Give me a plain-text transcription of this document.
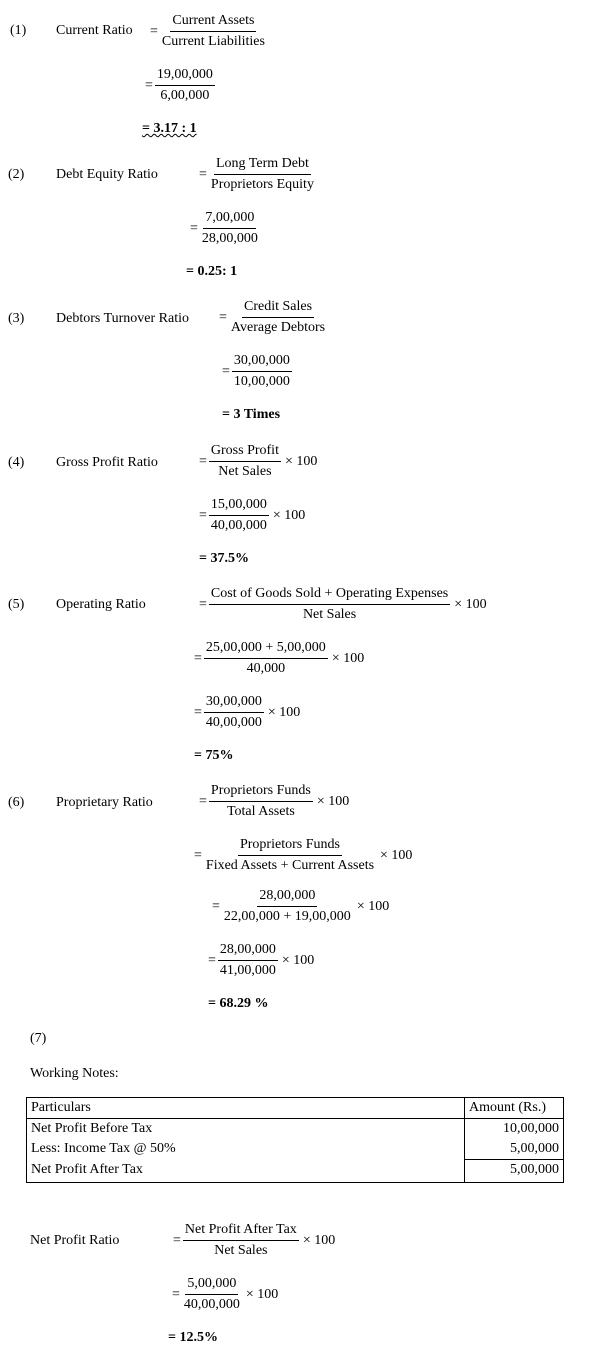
(1) Current Ratio = $\frac{\text{Current Assets}}{\text{Current Liabilities}}$
= $\frac{19,00,000}{6,00,000}$
= 3.17 : 1
(2) Debt Equity Ratio	= $\frac{\text{Long Term Debt}}{\text{Proprietors Equity}}$
= $\frac{7,00,000}{28,00,000}$
= 0.25: 1
(3) Debtors Turnover Ratio = $\frac{\text{Credit Sales}}{\text{Average Debtors}}$
= $\frac{30,00,000}{10,00,000}$
= 3 Times
(4) Gross Profit Ratio	= $\frac{\text{Gross Profit}}{\text{Net Sales}} \times 100$
= $\frac{15,00,000}{40,00,000} \times 100$
= 37.5%
(5) Operating Ratio	= $\frac{\text{Cost of Goods Sold + Operating Expenses}}{\text{Net Sales}} \times 100$
= $\frac{25,00,000 + 5,00,000}{40,000} \times 100$
= $\frac{30,00,000}{40,00,000} \times 100$
= 75%
(6) Proprietary Ratio	= $\frac{\text{Proprietors Funds}}{\text{Total Assets}} \times 100$
= $\frac{\text{Proprietors Funds}}{\text{Fixed Assets + Current Assets}} \times 100$
= $\frac{28,00,000}{22,00,000 + 19,00,000} \times 100$
= $\frac{28,00,000}{41,00,000} \times 100$
= 68.29 %
(7)
Working Notes:
Particulars	Amount (Rs.)
Net Profit Before Tax	10,00,000
Less: Income Tax @ 50%	5,00,000
Net Profit After Tax	5,00,000
Net Profit Ratio	= $\frac{\text{Net Profit After Tax}}{\text{Net Sales}} \times 100$
= $\frac{5,00,000}{40,00,000} \times 100$
= 12.5%
